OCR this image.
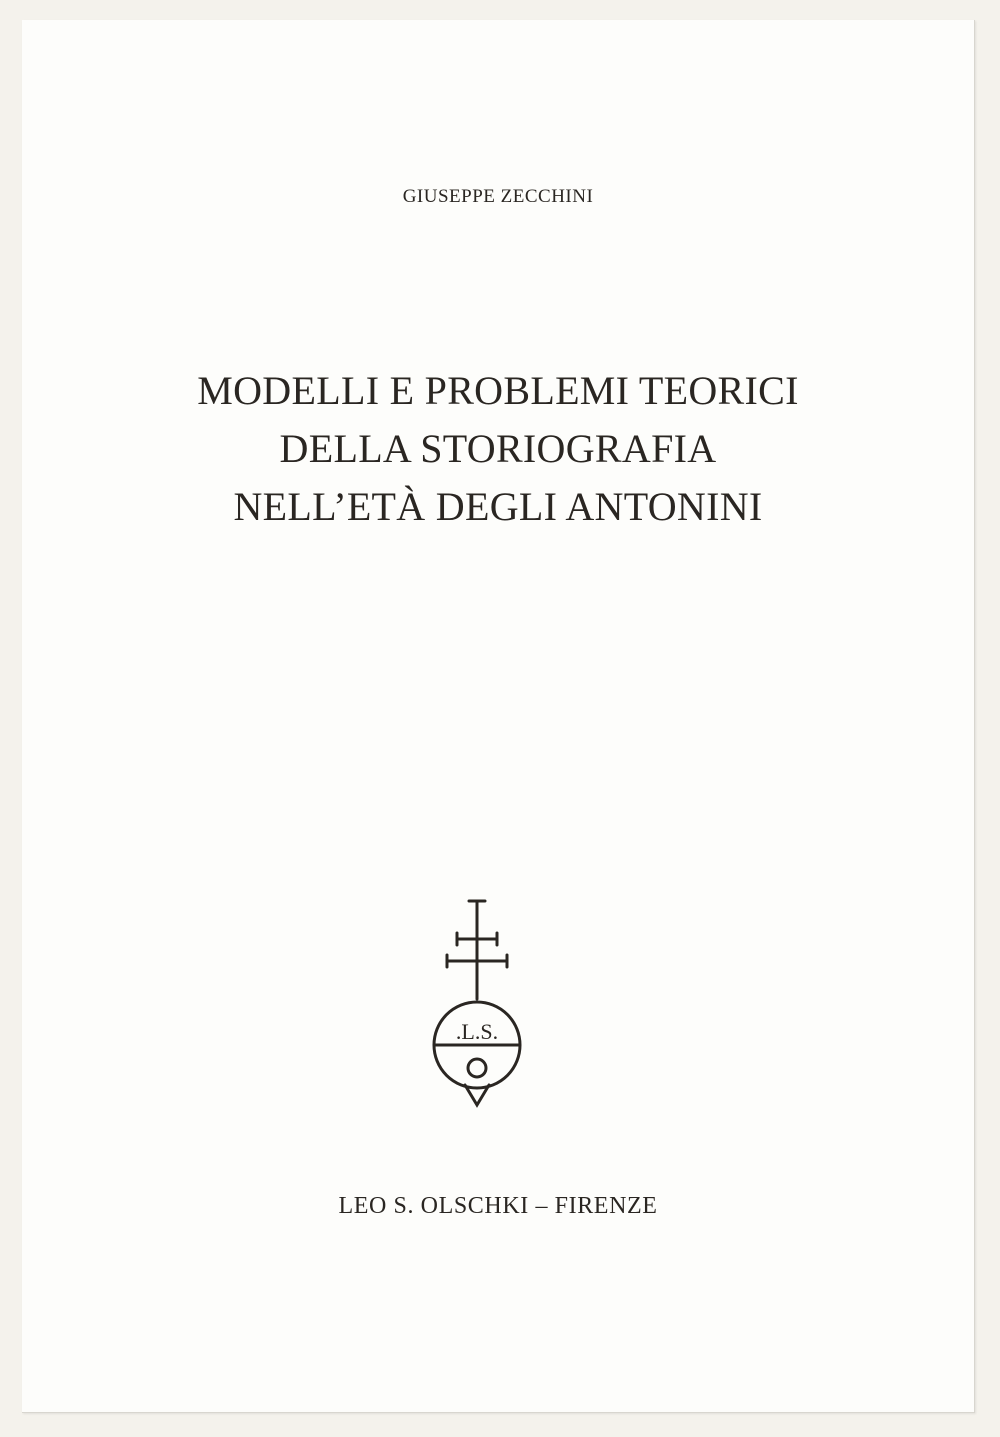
GIUSEPPE ZECCHINI
MODELLI E PROBLEMI TEORICI
DELLA STORIOGRAFIA
NELL’ETÀ DEGLI ANTONINI
.L.S.
LEO S. OLSCHKI – FIRENZE
